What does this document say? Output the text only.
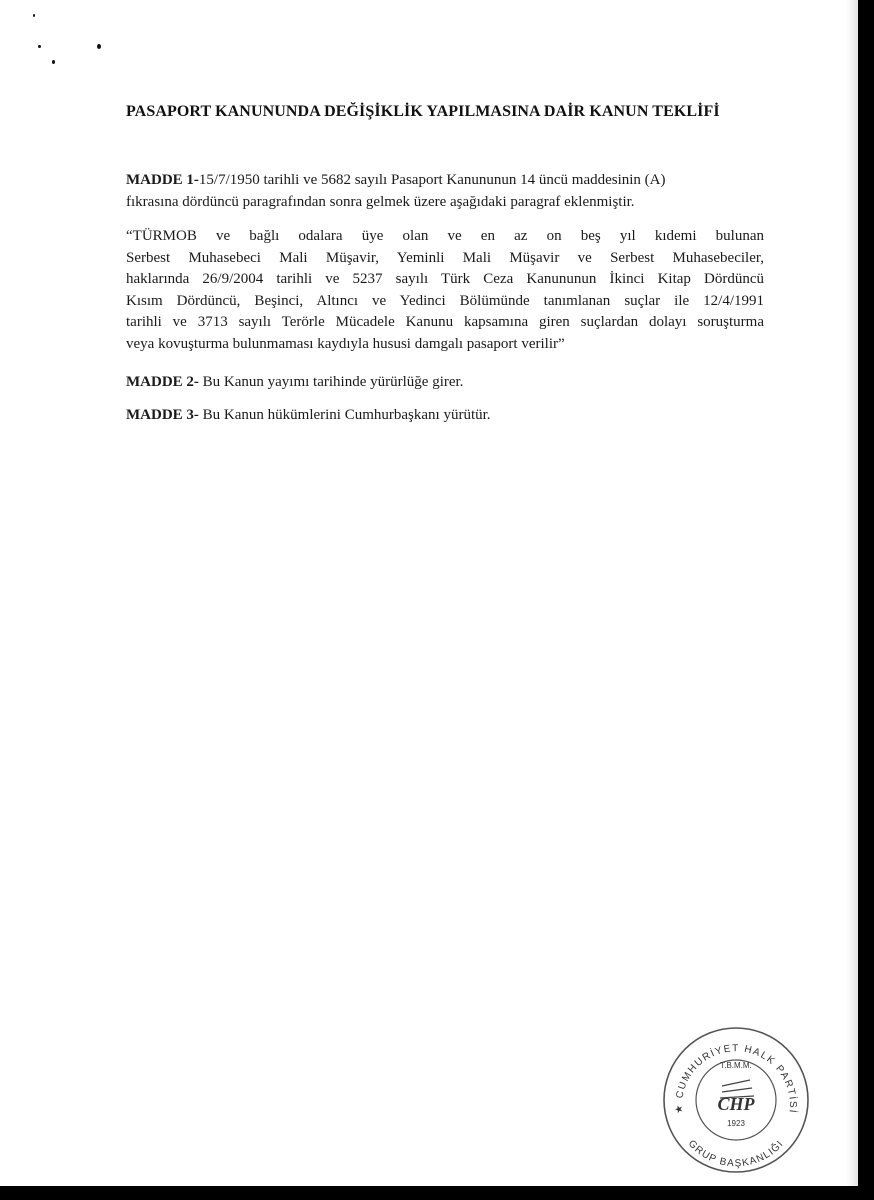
PASAPORT KANUNUNDA DEĞİŞİKLİK YAPILMASINA DAİR KANUN TEKLİFİ
MADDE 1-15/7/1950 tarihli ve 5682 sayılı Pasaport Kanununun 14 üncü maddesinin (A)
fıkrasına dördüncü paragrafından sonra gelmek üzere aşağıdaki paragraf eklenmiştir.
“TÜRMOB ve bağlı odalara üye olan ve en az on beş yıl kıdemi bulunan
Serbest Muhasebeci Mali Müşavir, Yeminli Mali Müşavir ve Serbest Muhasebeciler,
haklarında 26/9/2004 tarihli ve 5237 sayılı Türk Ceza Kanununun İkinci Kitap Dördüncü
Kısım Dördüncü, Beşinci, Altıncı ve Yedinci Bölümünde tanımlanan suçlar ile 12/4/1991
tarihli ve 3713 sayılı Terörle Mücadele Kanunu kapsamına giren suçlardan dolayı soruşturma
veya kovuşturma bulunmaması kaydıyla hususi damgalı pasaport verilir”
MADDE 2- Bu Kanun yayımı tarihinde yürürlüğe girer.
MADDE 3- Bu Kanun hükümlerini Cumhurbaşkanı yürütür.
★ CUMHURİYET HALK PARTİSİ
GRUP BAŞKANLIĞI
T.B.M.M.
CHP
1923
